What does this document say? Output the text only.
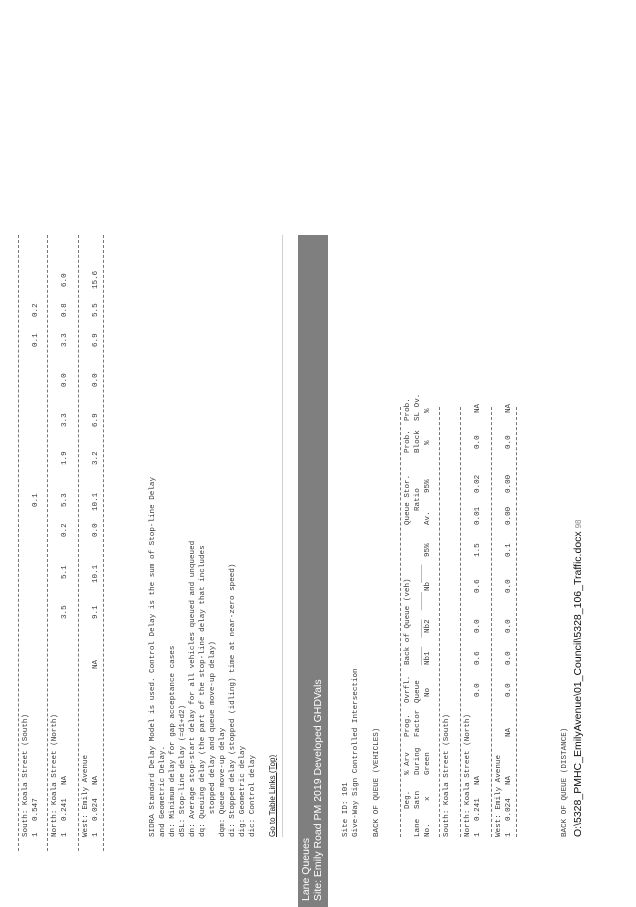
South: Koala Street (South) 1
0.547
0.1
0.1
0.2
North: Koala Street (North) 1
0.241
NA
3.5
5.1
0.2
5.3
1.9
3.3
0.0
3.3
0.8
6.0
West: Emily Avenue 1
0.024
NA
NA
9.1
10.1
0.0
10.1
3.2
6.9
0.0
6.9
5.5
15.6
SIDRA Standard Delay Model is used. Control Delay is the sum of Stop-line Delay and Geometric Delay. dn: Minimum delay for gap acceptance cases dSL: Stop-line delay (=d1+d2) dn: Average stop-start delay for all vehicles queued and unqueued dq: Queuing delay (the part of the stop-line delay that includes stopped delay and queue move-up delay) dqm: Queue move-up delay di: Stopped delay (stopped (idling) time at near-zero speed) dig: Geometric delay dic: Control delay Go to Table Links (Top)
Lane Queues Site: Emily Road PM 2019 Developed GHDVals Site ID: 101 Give-Way Sign Controlled Intersection BACK OF QUEUE (VEHICLES)	Lane No.
Deg. Satn x
% Arv During Green
Prog. Factor
Ovrfl. Queue No
Back of Queue (veh) ____  ____  ____  ____ Nb1
Nb2
Nb
95%
Queue Stor. Ratio
Av.
95%
Prob. Block %
Prob. SL Ov. %
South: Koala Street (South) North: Koala Street (North) 1
0.241
NA
0.0
0.6
0.0
0.6
1.5
0.01
0.02
0.0
NA
West: Emily Avenue 1
0.024
NA
NA
0.0
0.0
0.0
0.0
0.1
0.00
0.00
0.0
NA
BACK OF QUEUE (DISTANCE) O:\5328_PMHC_EmilyAvenue\01_Council\5328_106_Traffic.docx 98
